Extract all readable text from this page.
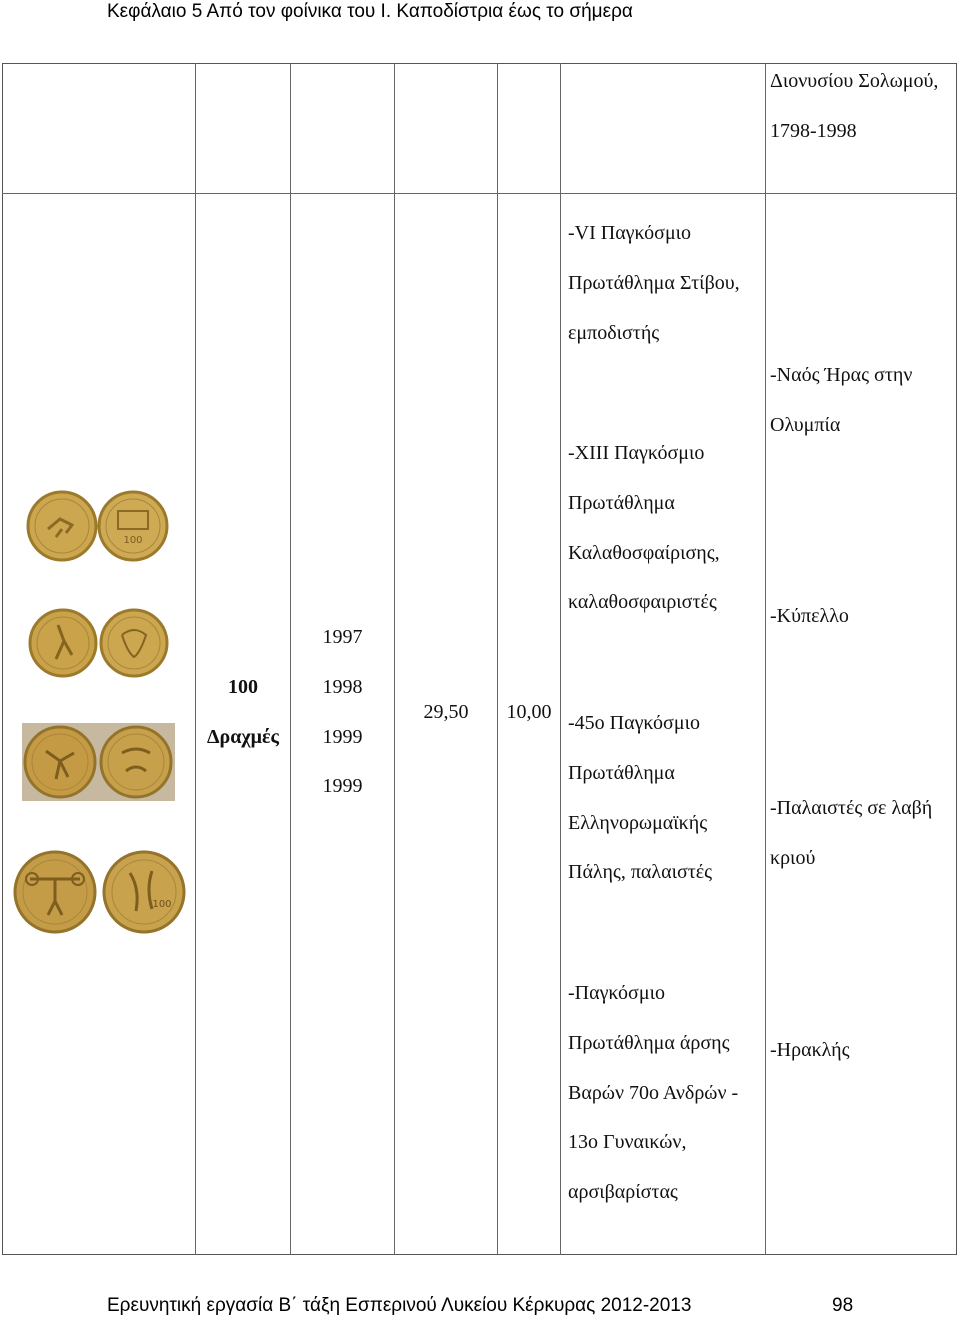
Κεφάλαιο 5 Από τον φοίνικα του Ι. Καποδίστρια έως το σήμερα
Διονυσίου Σολωμού,
1798-1998
100
100
100
Δραχμές
1997
1998
1999
1999
29,50	10,00
-VI Παγκόσμιο
Πρωτάθλημα Στίβου,
εμποδιστής
-XIII Παγκόσμιο
Πρωτάθλημα
Καλαθοσφαίρισης,
καλαθοσφαιριστές
-45ο Παγκόσμιο
Πρωτάθλημα
Ελληνορωμαϊκής
Πάλης, παλαιστές
-Παγκόσμιο
Πρωτάθλημα άρσης
Βαρών 70ο Ανδρών -
13ο Γυναικών,
αρσιβαρίστας
-Ναός Ήρας στην
Ολυμπία
-Κύπελλο
-Παλαιστές σε λαβή
κριού
-Ηρακλής
Ερευνητική εργασία Β΄ τάξη Εσπερινού Λυκείου Κέρκυρας 2012-2013	98
